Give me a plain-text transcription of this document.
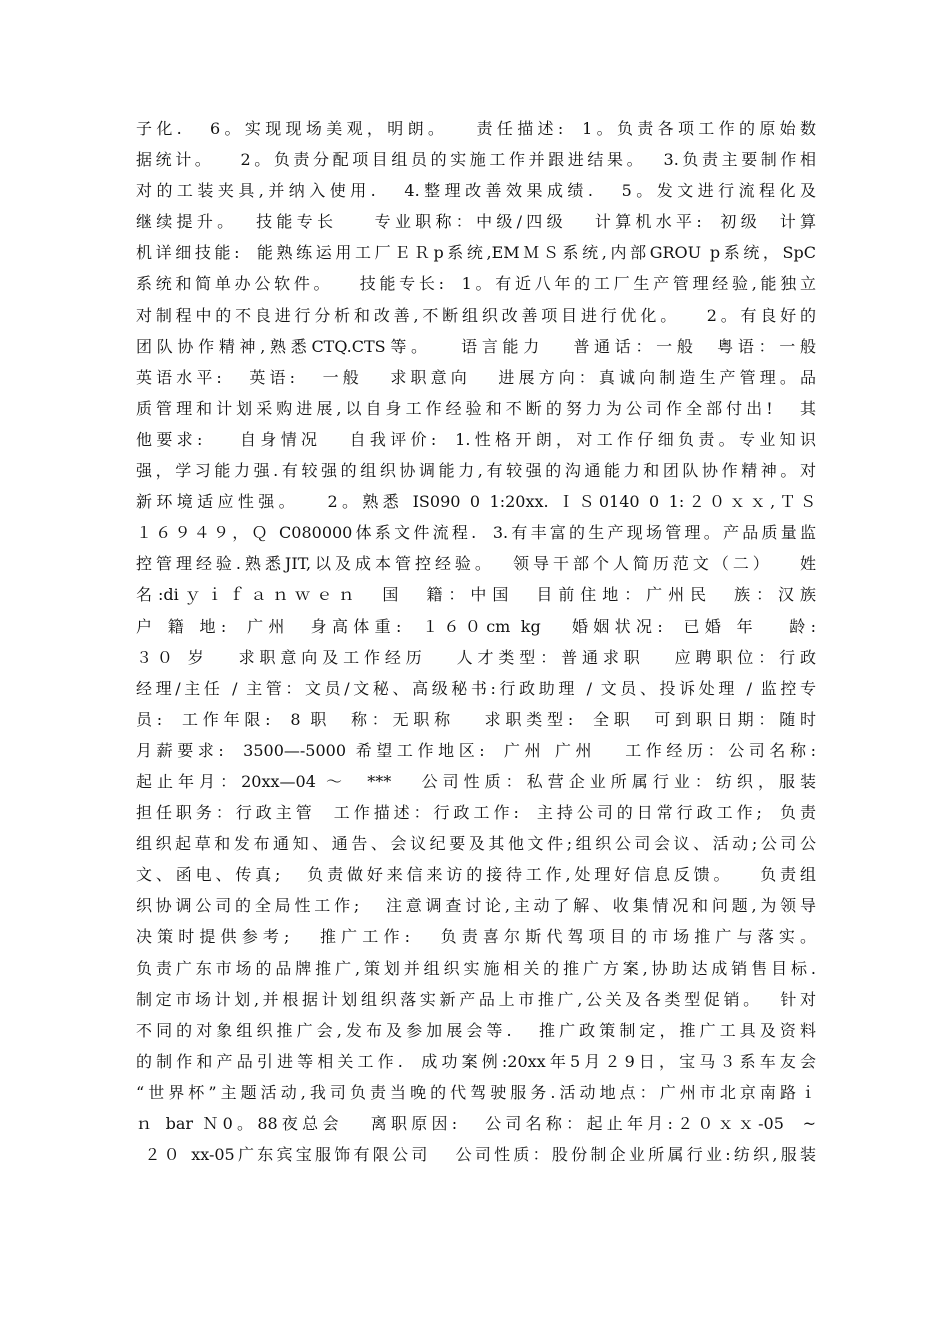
子化.   6。实现现场美观，明朗。   责任描述:  1。负责各项工作的原始数
据统计。   2。负责分配项目组员的实施工作并跟进结果。  3.负责主要制作相
对的工装夹具,并纳入使用.   4.整理改善效果成绩.   5。发文进行流程化及
继续提升。  技能专长    专业职称：中级/四级   计算机水平:  初级  计算
机详细技能:  能熟练运用工厂ＥＲp系统,EMＭＳ系统,内部GROU p系统，SpC
系统和简单办公软件。   技能专长:  1。有近八年的工厂生产管理经验,能独立
对制程中的不良进行分析和改善,不断组织改善项目进行优化。   2。有良好的
团队协作精神,熟悉CTQ.CTS等。   语言能力   普通话：一般  粤语：一般
英语水平:   英语:   一般   求职意向   进展方向：真诚向制造生产管理。品
质管理和计划采购进展,以自身工作经验和不断的努力为公司作全部付出!   其
他要求:    自身情况   自我评价:  1.性格开朗，对工作仔细负责。专业知识
强，学习能力强.有较强的组织协调能力,有较强的沟通能力和团队协作精神。对
新环境适应性强。   2。熟悉 IS090 0 1:20xx. ＩＳ0140 0 1:２０ｘｘ,ＴＳ
１６９４９，Ｑ C080000体系文件流程.  3.有丰富的生产现场管理。产品质量监
控管理经验.熟悉JIT,以及成本管控经验。  领导干部个人简历范文（二）   姓
名:diｙｉｆａｎｗｅｎ  国  籍：中国  目前住地：广州民  族：汉族
户 籍 地:  广州  身高体重:  １６０cm kg   婚姻状况:  已婚 年   龄:
３０ 岁   求职意向及工作经历   人才类型：普通求职   应聘职位：行政
经理/主任 / 主管：文员/文秘、高级秘书:行政助理 / 文员、投诉处理 / 监控专
员:  工作年限:  8 职  称：无职称   求职类型:  全职  可到职日期：随时
月薪要求:  3500—-5000 希望工作地区:  广州 广州   工作经历：公司名称:
起止年月：20xx—04 ～  ***   公司性质：私营企业所属行业：纺织，服装
担任职务：行政主管  工作描述：行政工作:  主持公司的日常行政工作;  负责
组织起草和发布通知、通告、会议纪要及其他文件;组织公司会议、活动;公司公
文、函电、传真;   负责做好来信来访的接待工作,处理好信息反馈。   负责组
织协调公司的全局性工作;   注意调查讨论,主动了解、收集情况和问题,为领导
决策时提供参考;   推广工作:   负责喜尔斯代驾项目的市场推广与落实。
负责广东市场的品牌推广,策划并组织实施相关的推广方案,协助达成销售目标.
制定市场计划,并根据计划组织落实新产品上市推广,公关及各类型促销。  针对
不同的对象组织推广会,发布及参加展会等.   推广政策制定，推广工具及资料
的制作和产品引进等相关工作.  成功案例:20xx年5月２9日，宝马３系车友会
“世界杯”主题活动,我司负责当晚的代驾驶服务.活动地点：广州市北京南路ｉ
ｎ bar Ｎ0。88夜总会   离职原因:   公司名称：起止年月:２０ｘｘ-05  ~
２０ xx-05广东宾宝服饰有限公司   公司性质：股份制企业所属行业:纺织,服装
